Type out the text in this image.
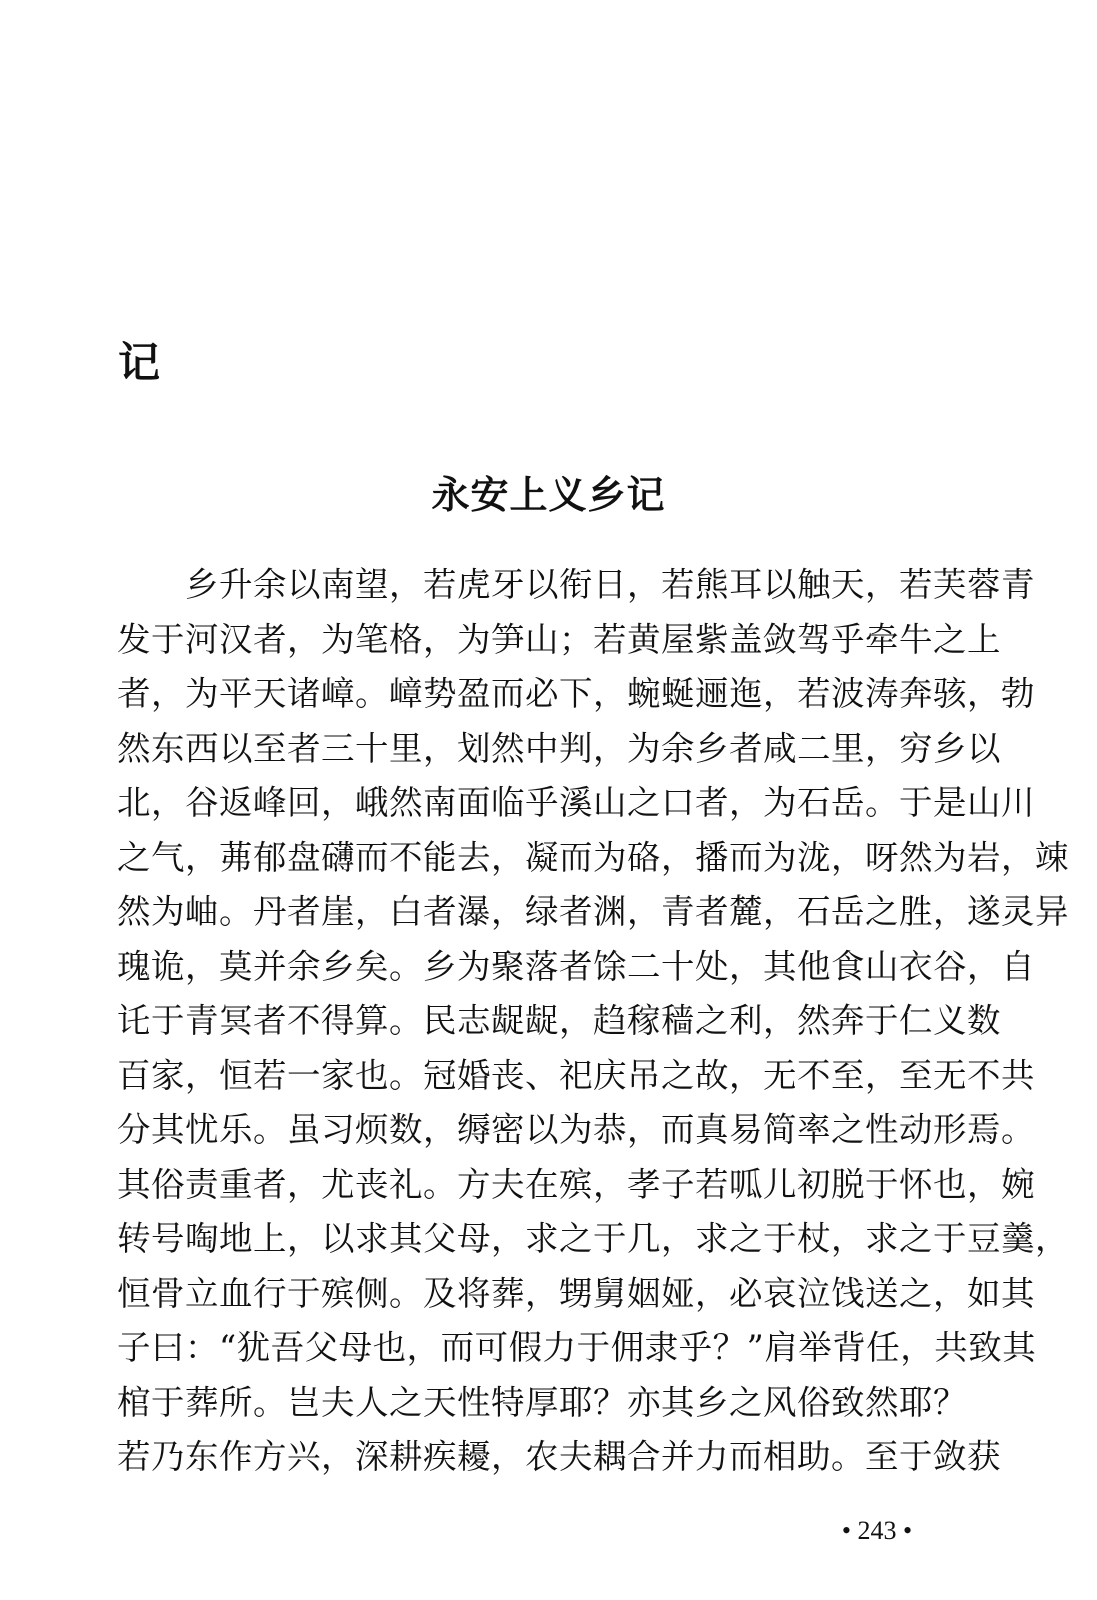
记
永安上义乡记
乡升余以南望，若虎牙以衔日，若熊耳以触天，若芙蓉青
发于河汉者，为笔格，为笋山；若黄屋紫盖敛驾乎牵牛之上
者，为平天诸嶂。嶂势盈而必下，蜿蜒逦迤，若波涛奔骇，勃
然东西以至者三十里，划然中判，为余乡者咸二里，穷乡以
北，谷返峰回，峨然南面临乎溪山之口者，为石岳。于是山川
之气，茀郁盘礴而不能去，凝而为硌，播而为泷，呀然为岩，竦
然为岫。丹者崖，白者瀑，绿者渊，青者麓，石岳之胜，遂灵异
瑰诡，莫并余乡矣。乡为聚落者馀二十处，其他食山衣谷，自
讬于青冥者不得算。民志龊龊，趋稼穑之利，然奔于仁义数
百家，恒若一家也。冠婚丧、祀庆吊之故，无不至，至无不共
分其忧乐。虽习烦数，缛密以为恭，而真易简率之性动形焉。
其俗责重者，尤丧礼。方夫在殡，孝子若呱儿初脱于怀也，婉
转号啕地上，以求其父母，求之于几，求之于杖，求之于豆羹，
恒骨立血行于殡侧。及将葬，甥舅姻娅，必哀泣饯送之，如其
子曰：“犹吾父母也，而可假力于佣隶乎？”肩举背任，共致其
棺于葬所。岂夫人之天性特厚耶？亦其乡之风俗致然耶？
若乃东作方兴，深耕疾耰，农夫耦合并力而相助。至于敛获
• 243 •
